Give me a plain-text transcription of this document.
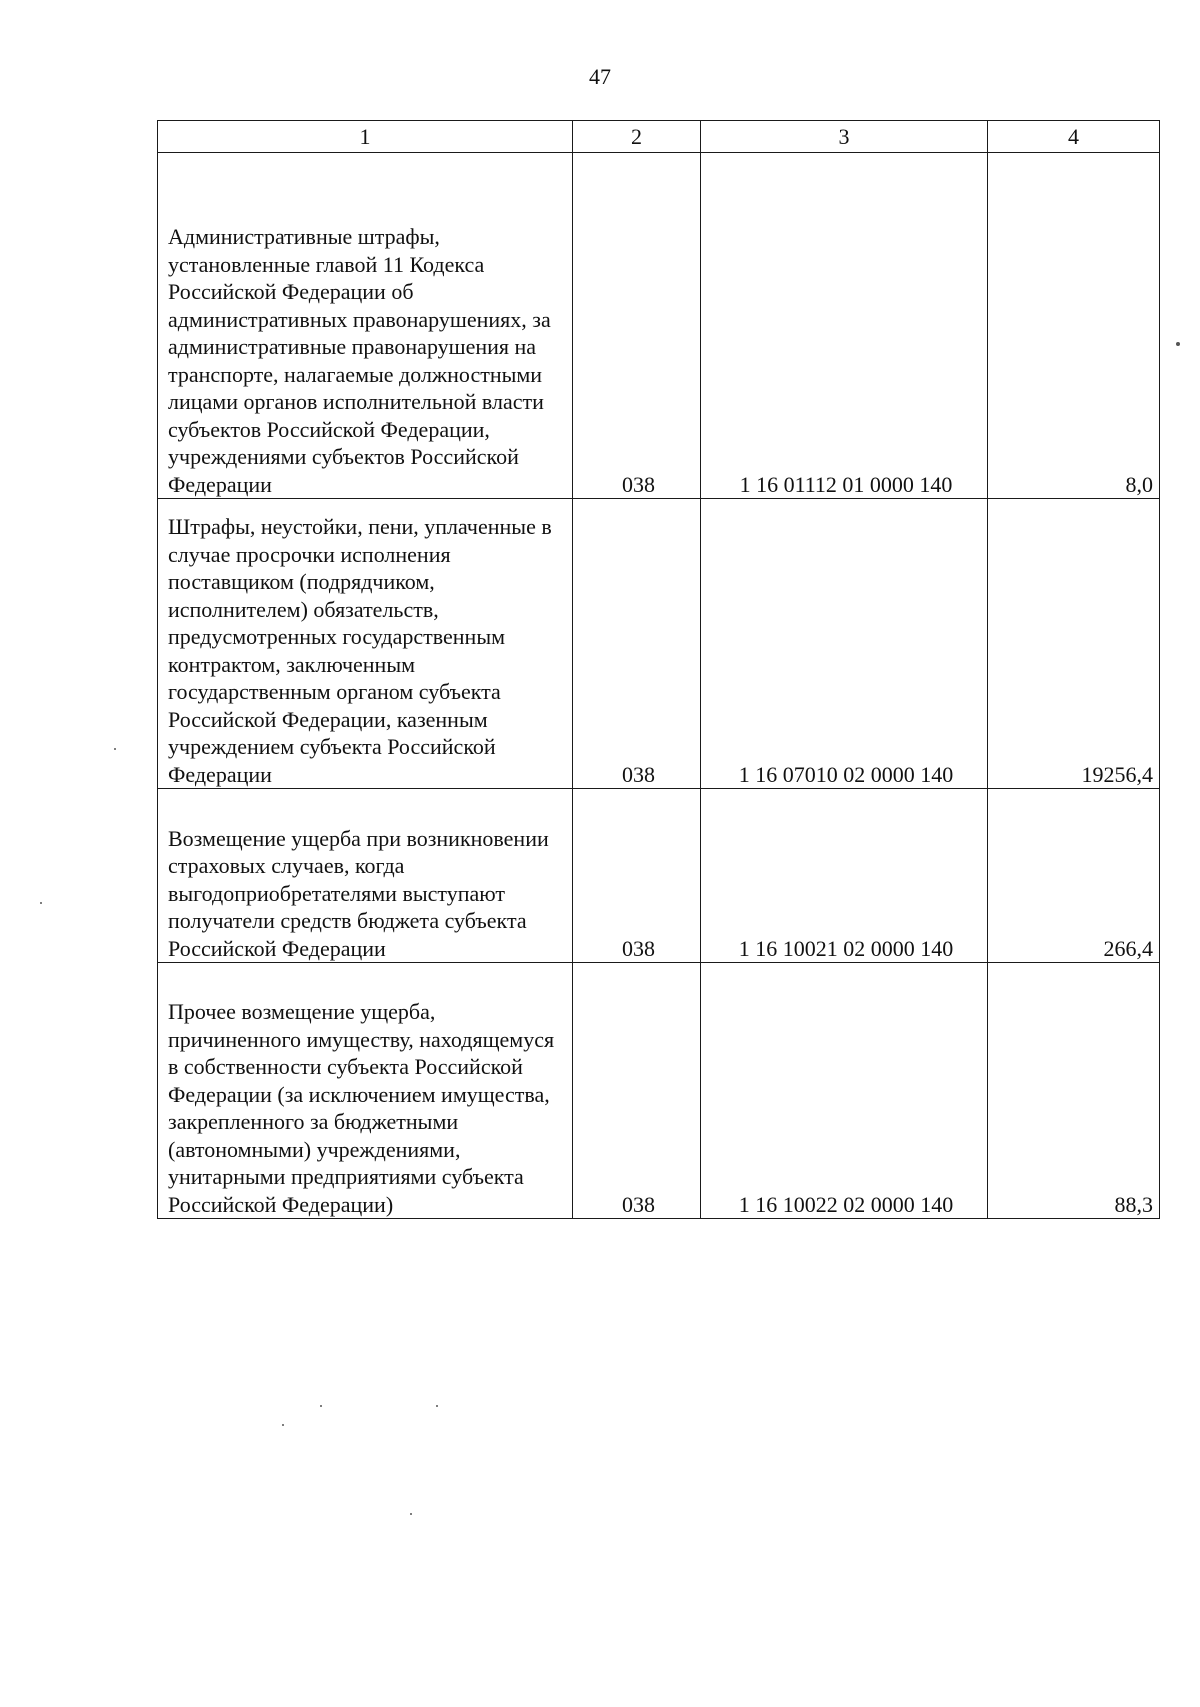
47
1	2	3	4
Административные штрафы, установленные главой 11 Кодекса Российской Федерации об административных правонарушениях, за административные правонарушения на транспорте, налагаемые должностными лицами органов исполнительной власти субъектов Российской Федерации, учреждениями субъектов Российской Федерации	038	1 16 01112 01 0000 140	8,0
Штрафы, неустойки, пени, уплаченные в случае просрочки исполнения поставщиком (подрядчиком, исполнителем) обязательств, предусмотренных государственным контрактом, заключенным государственным органом субъекта Российской Федерации, казенным учреждением субъекта Российской Федерации	038	1 16 07010 02 0000 140	19256,4
Возмещение ущерба при возникновении страховых случаев, когда выгодоприобретателями выступают получатели средств бюджета субъекта Российской Федерации	038	1 16 10021 02 0000 140	266,4
Прочее возмещение ущерба, причиненного имуществу, находящемуся в собственности субъекта Российской Федерации (за исключением имущества, закрепленного за бюджетными (автономными) учреждениями, унитарными предприятиями субъекта Российской Федерации)	038	1 16 10022 02 0000 140	88,3
